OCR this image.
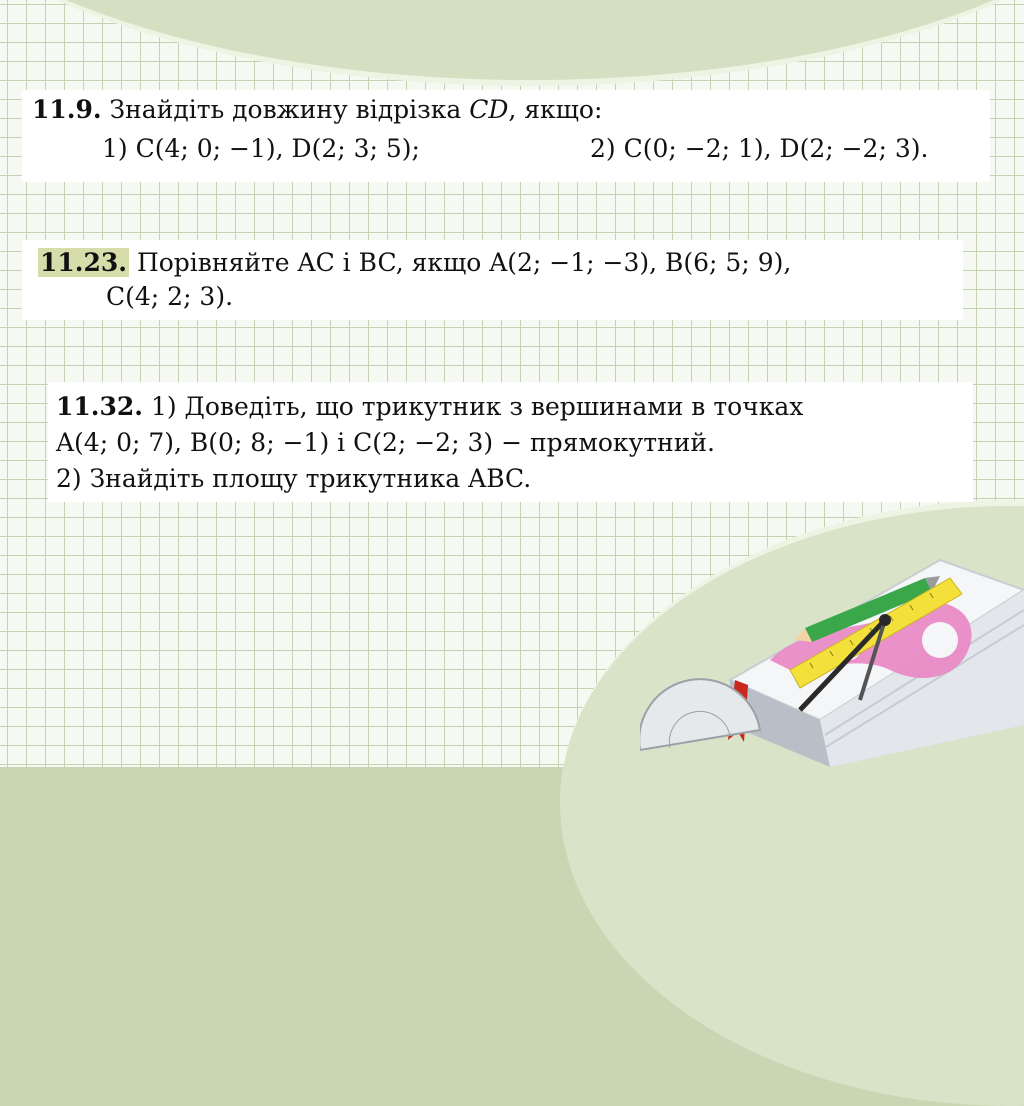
11.9. Знайдіть довжину відрізка CD, якщо:
1) C(4; 0; −1), D(2; 3; 5);	2) C(0; −2; 1), D(2; −2; 3).
11.23. Порівняйте AC і BC, якщо A(2; −1; −3), B(6; 5; 9),
C(4; 2; 3).
11.32. 1) Доведіть, що трикутник з вершинами в точках
A(4; 0; 7), B(0; 8; −1) і C(2; −2; 3) − прямокутний.
2) Знайдіть площу трикутника ABC.
